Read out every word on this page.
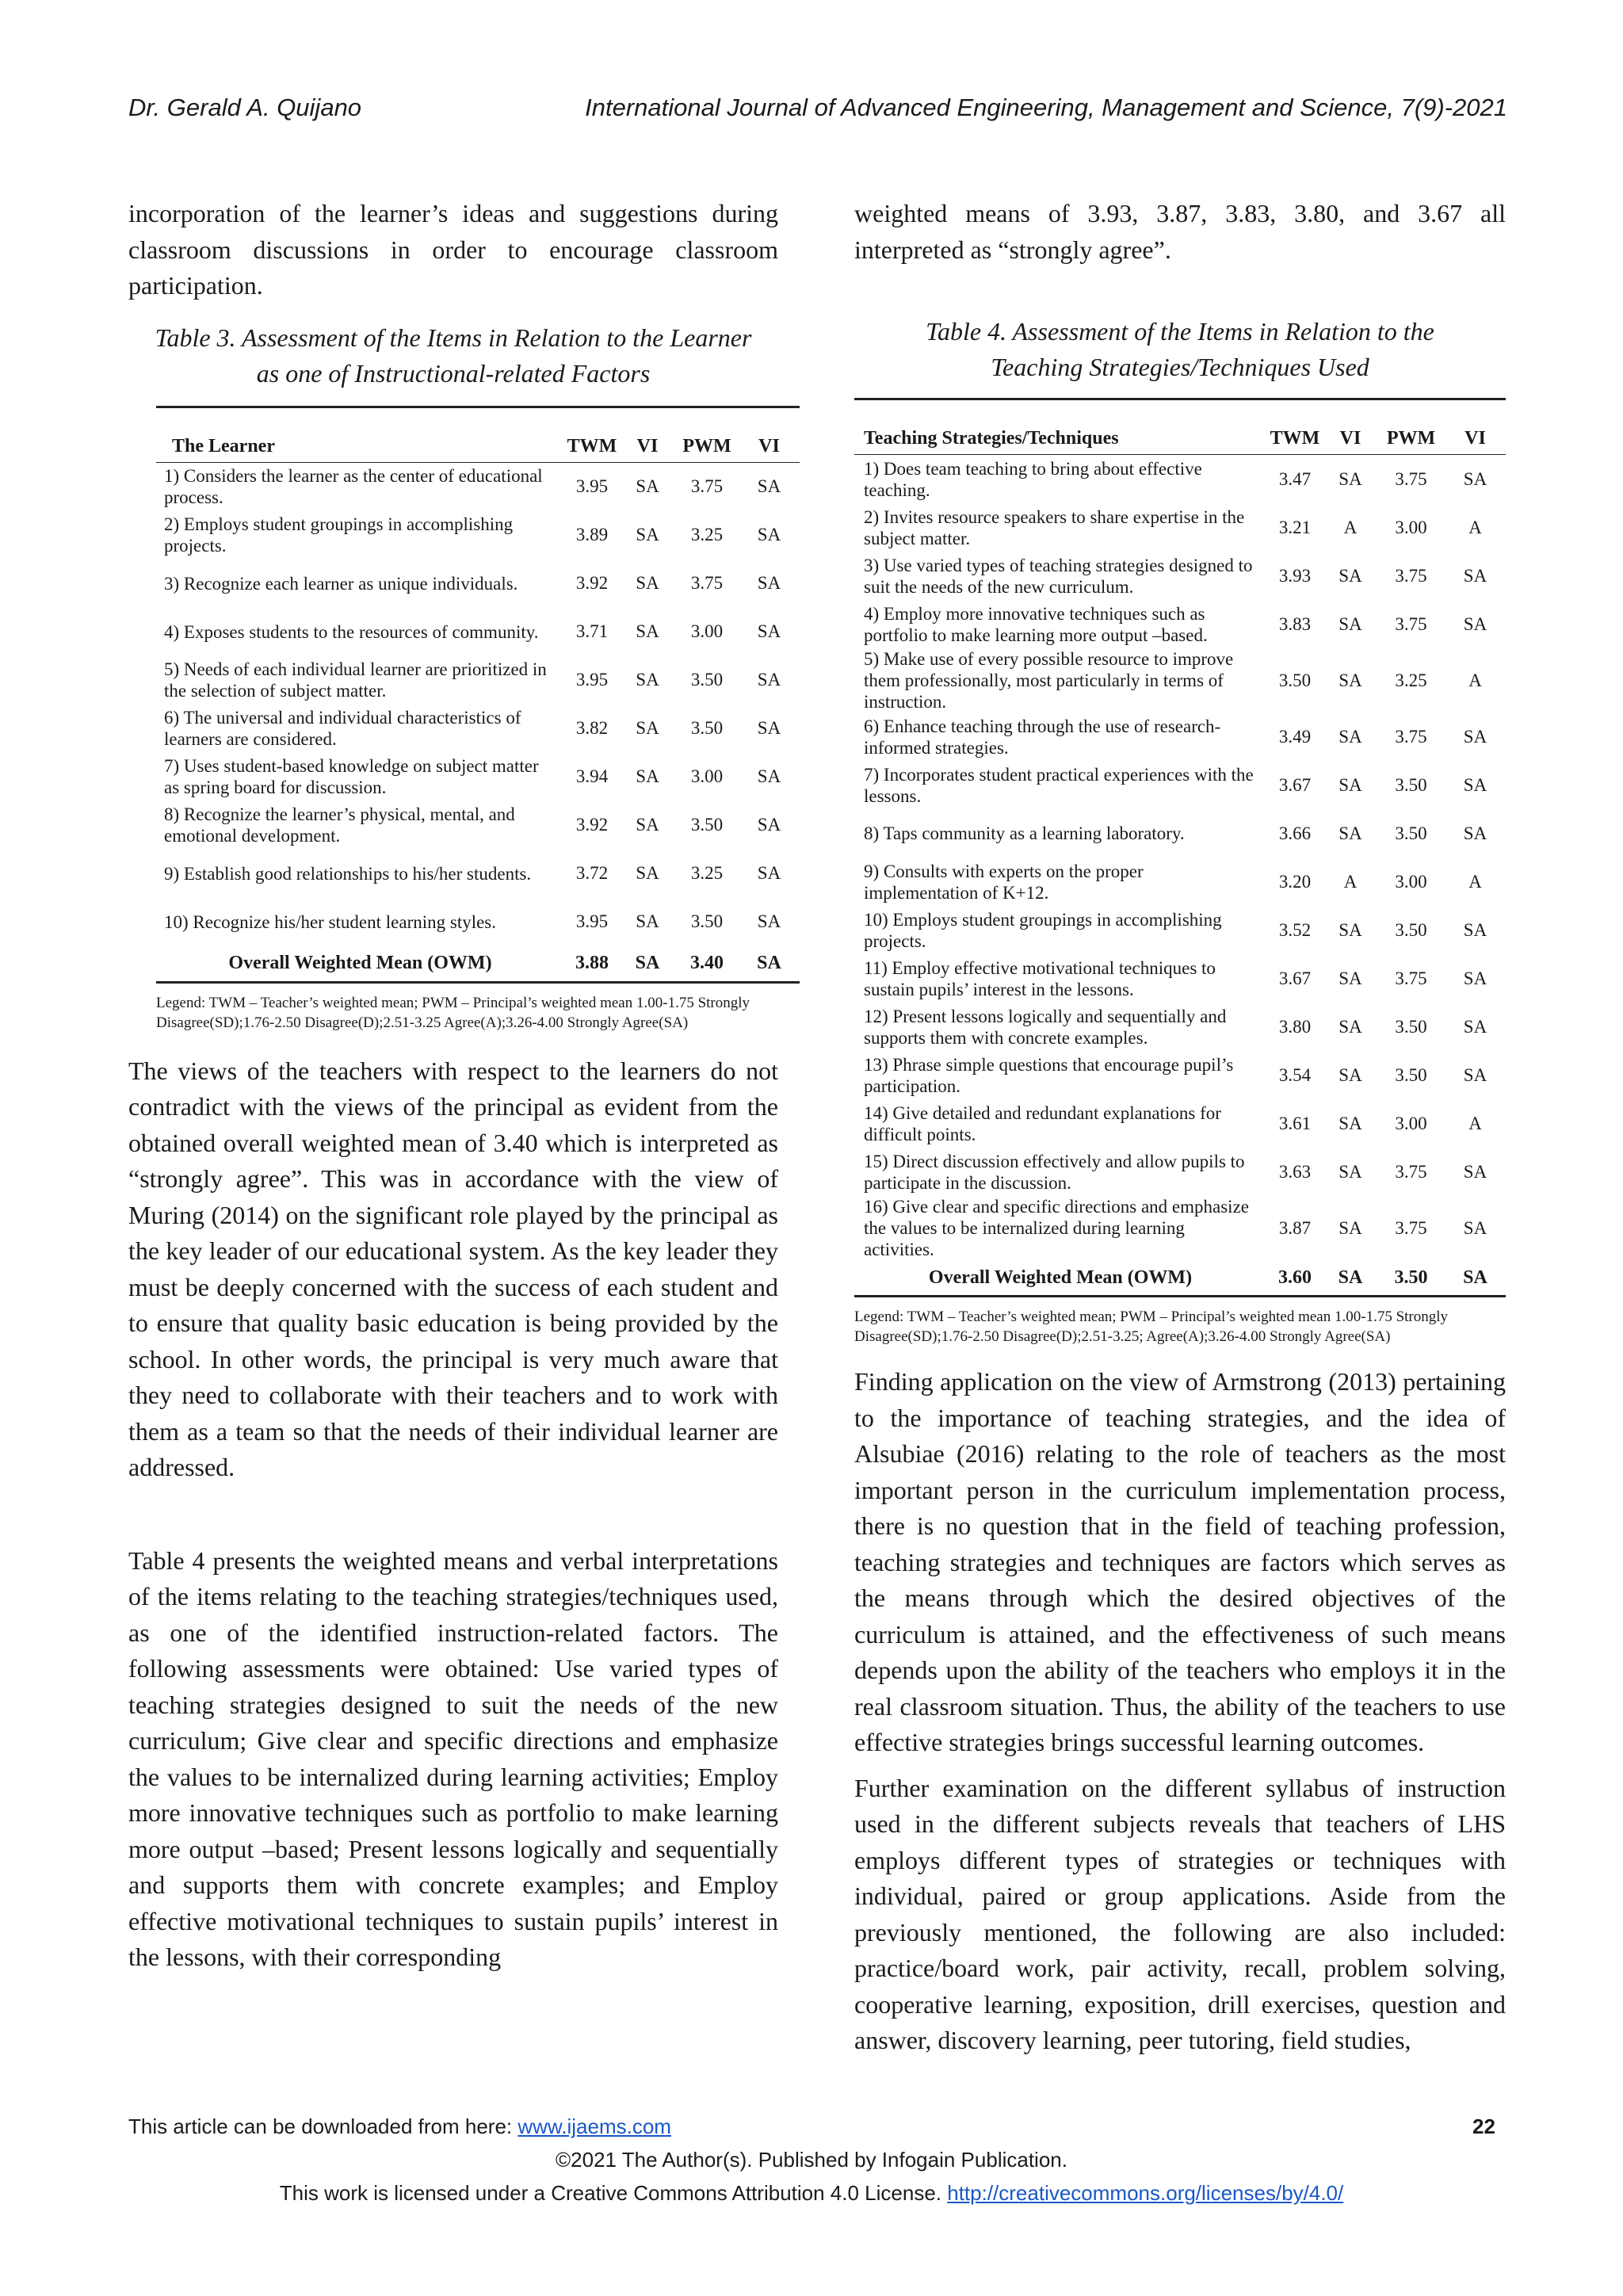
Dr. Gerald A. Quijano	International Journal of Advanced Engineering, Management and Science, 7(9)-2021

incorporation of the learner’s ideas and suggestions during classroom discussions in order to encourage classroom participation.

Table 3. Assessment of the Items in Relation to the Learner

as one of Instructional-related Factors

The Learner	TWM	VI	PWM	VI
1) Considers the learner as the center of educational process.	3.95	SA	3.75	SA
2) Employs student groupings in accomplishing projects.	3.89	SA	3.25	SA
3) Recognize each learner as unique individuals.	3.92	SA	3.75	SA
4) Exposes students to the resources of community.	3.71	SA	3.00	SA
5) Needs of each individual learner are prioritized in the selection of subject matter.	3.95	SA	3.50	SA
6) The universal and individual characteristics of learners are considered.	3.82	SA	3.50	SA
7) Uses student-based knowledge on subject matter as spring board for discussion.	3.94	SA	3.00	SA
8) Recognize the learner’s physical, mental, and emotional development.	3.92	SA	3.50	SA
9) Establish good relationships to his/her students.	3.72	SA	3.25	SA
10) Recognize his/her student learning styles.	3.95	SA	3.50	SA
Overall Weighted Mean (OWM)	3.88	SA	3.40	SA

Legend: TWM – Teacher’s weighted mean; PWM – Principal’s weighted mean 1.00-1.75 Strongly Disagree(SD);1.76-2.50 Disagree(D);2.51-3.25 Agree(A);3.26-4.00 Strongly Agree(SA)

The views of the teachers with respect to the learners do not contradict with the views of the principal as evident from the obtained overall weighted mean of 3.40 which is interpreted as “strongly agree”. This was in accordance with the view of Muring (2014) on the significant role played by the principal as the key leader of our educational system. As the key leader they must be deeply concerned with the success of each student and to ensure that quality basic education is being provided by the school. In other words, the principal is very much aware that they need to collaborate with their teachers and to work with them as a team so that the needs of their individual learner are addressed.

Table 4 presents the weighted means and verbal interpretations of the items relating to the teaching strategies/techniques used, as one of the identified instruction-related factors. The following assessments were obtained: Use varied types of teaching strategies designed to suit the needs of the new curriculum; Give clear and specific directions and emphasize the values to be internalized during learning activities; Employ more innovative techniques such as portfolio to make learning more output –based; Present lessons logically and sequentially and supports them with concrete examples; and Employ effective motivational techniques to sustain pupils’ interest in the lessons, with their corresponding

weighted means of 3.93, 3.87, 3.83, 3.80, and 3.67 all interpreted as “strongly agree”.

Table 4. Assessment of the Items in Relation to the

Teaching Strategies/Techniques Used

Teaching Strategies/Techniques	TWM	VI	PWM	VI
1) Does team teaching to bring about effective teaching.	3.47	SA	3.75	SA
2) Invites resource speakers to share expertise in the subject matter.	3.21	A	3.00	A
3) Use varied types of teaching strategies designed to suit the needs of the new curriculum.	3.93	SA	3.75	SA
4) Employ more innovative techniques such as portfolio to make learning more output –based.	3.83	SA	3.75	SA
5) Make use of every possible resource to improve them professionally, most particularly in terms of instruction.	3.50	SA	3.25	A
6) Enhance teaching through the use of research-informed strategies.	3.49	SA	3.75	SA
7) Incorporates student practical experiences with the lessons.	3.67	SA	3.50	SA
8) Taps community as a learning laboratory.	3.66	SA	3.50	SA
9) Consults with experts on the proper implementation of K+12.	3.20	A	3.00	A
10) Employs student groupings in accomplishing projects.	3.52	SA	3.50	SA
11) Employ effective motivational techniques to sustain pupils’ interest in the lessons.	3.67	SA	3.75	SA
12) Present lessons logically and sequentially and supports them with concrete examples.	3.80	SA	3.50	SA
13) Phrase simple questions that encourage pupil’s participation.	3.54	SA	3.50	SA
14) Give detailed and redundant explanations for difficult points.	3.61	SA	3.00	A
15) Direct discussion effectively and allow pupils to participate in the discussion.	3.63	SA	3.75	SA
16) Give clear and specific directions and emphasize the values to be internalized during learning activities.	3.87	SA	3.75	SA
Overall Weighted Mean (OWM)	3.60	SA	3.50	SA

Legend: TWM – Teacher’s weighted mean; PWM – Principal’s weighted mean 1.00-1.75 Strongly Disagree(SD);1.76-2.50 Disagree(D);2.51-3.25; Agree(A);3.26-4.00 Strongly Agree(SA)

Finding application on the view of Armstrong (2013) pertaining to the importance of teaching strategies, and the idea of Alsubiae (2016) relating to the role of teachers as the most important person in the curriculum implementation process, there is no question that in the field of teaching profession, teaching strategies and techniques are factors which serves as the means through which the desired objectives of the curriculum is attained, and the effectiveness of such means depends upon the ability of the teachers who employs it in the real classroom situation. Thus, the ability of the teachers to use effective strategies brings successful learning outcomes.

Further examination on the different syllabus of instruction used in the different subjects reveals that teachers of LHS employs different types of strategies or techniques with individual, paired or group applications. Aside from the previously mentioned, the following are also included: practice/board work, pair activity, recall, problem solving, cooperative learning, exposition, drill exercises, question and answer, discovery learning, peer tutoring, field studies,

This article can be downloaded from here: www.ijaems.com	22
©2021 The Author(s). Published by Infogain Publication.
This work is licensed under a Creative Commons Attribution 4.0 License. http://creativecommons.org/licenses/by/4.0/
